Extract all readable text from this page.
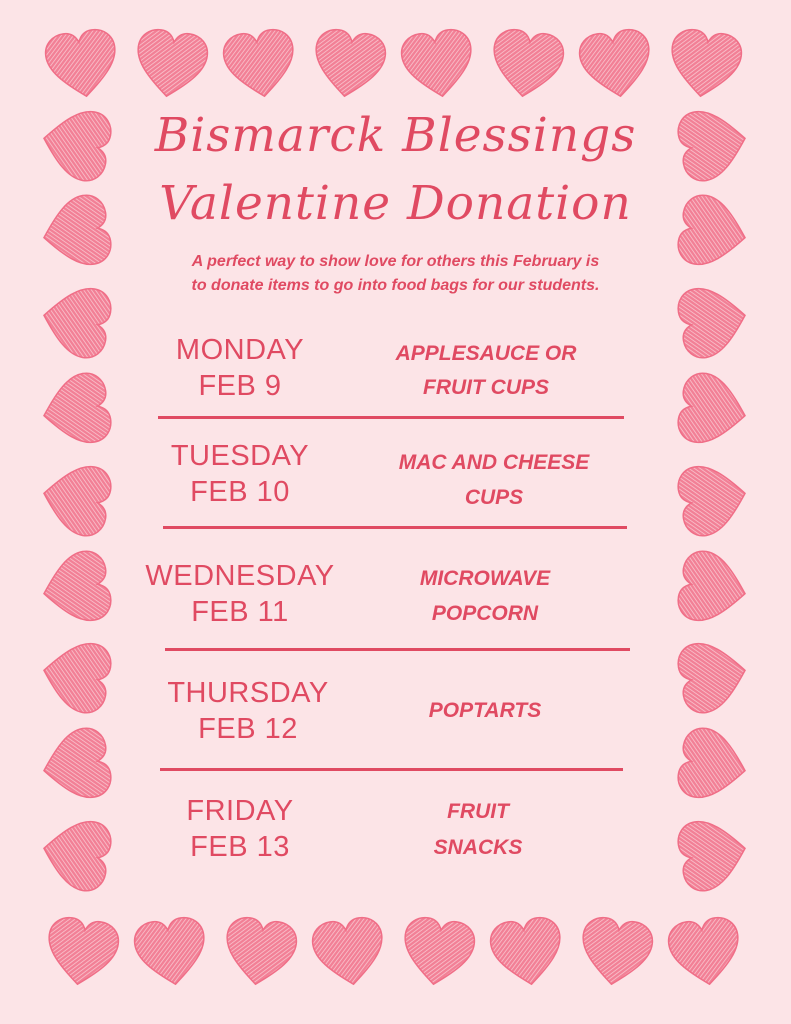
Bismarck Blessings
Valentine Donation
A perfect way to show love for others this February is
to donate items to go into food bags for our students.
MONDAY
FEB 9
APPLESAUCE OR
FRUIT CUPS
TUESDAY
FEB 10
MAC AND CHEESE
CUPS
WEDNESDAY
FEB 11
MICROWAVE
POPCORN
THURSDAY
FEB 12
POPTARTS
FRIDAY
FEB 13
FRUIT
SNACKS
